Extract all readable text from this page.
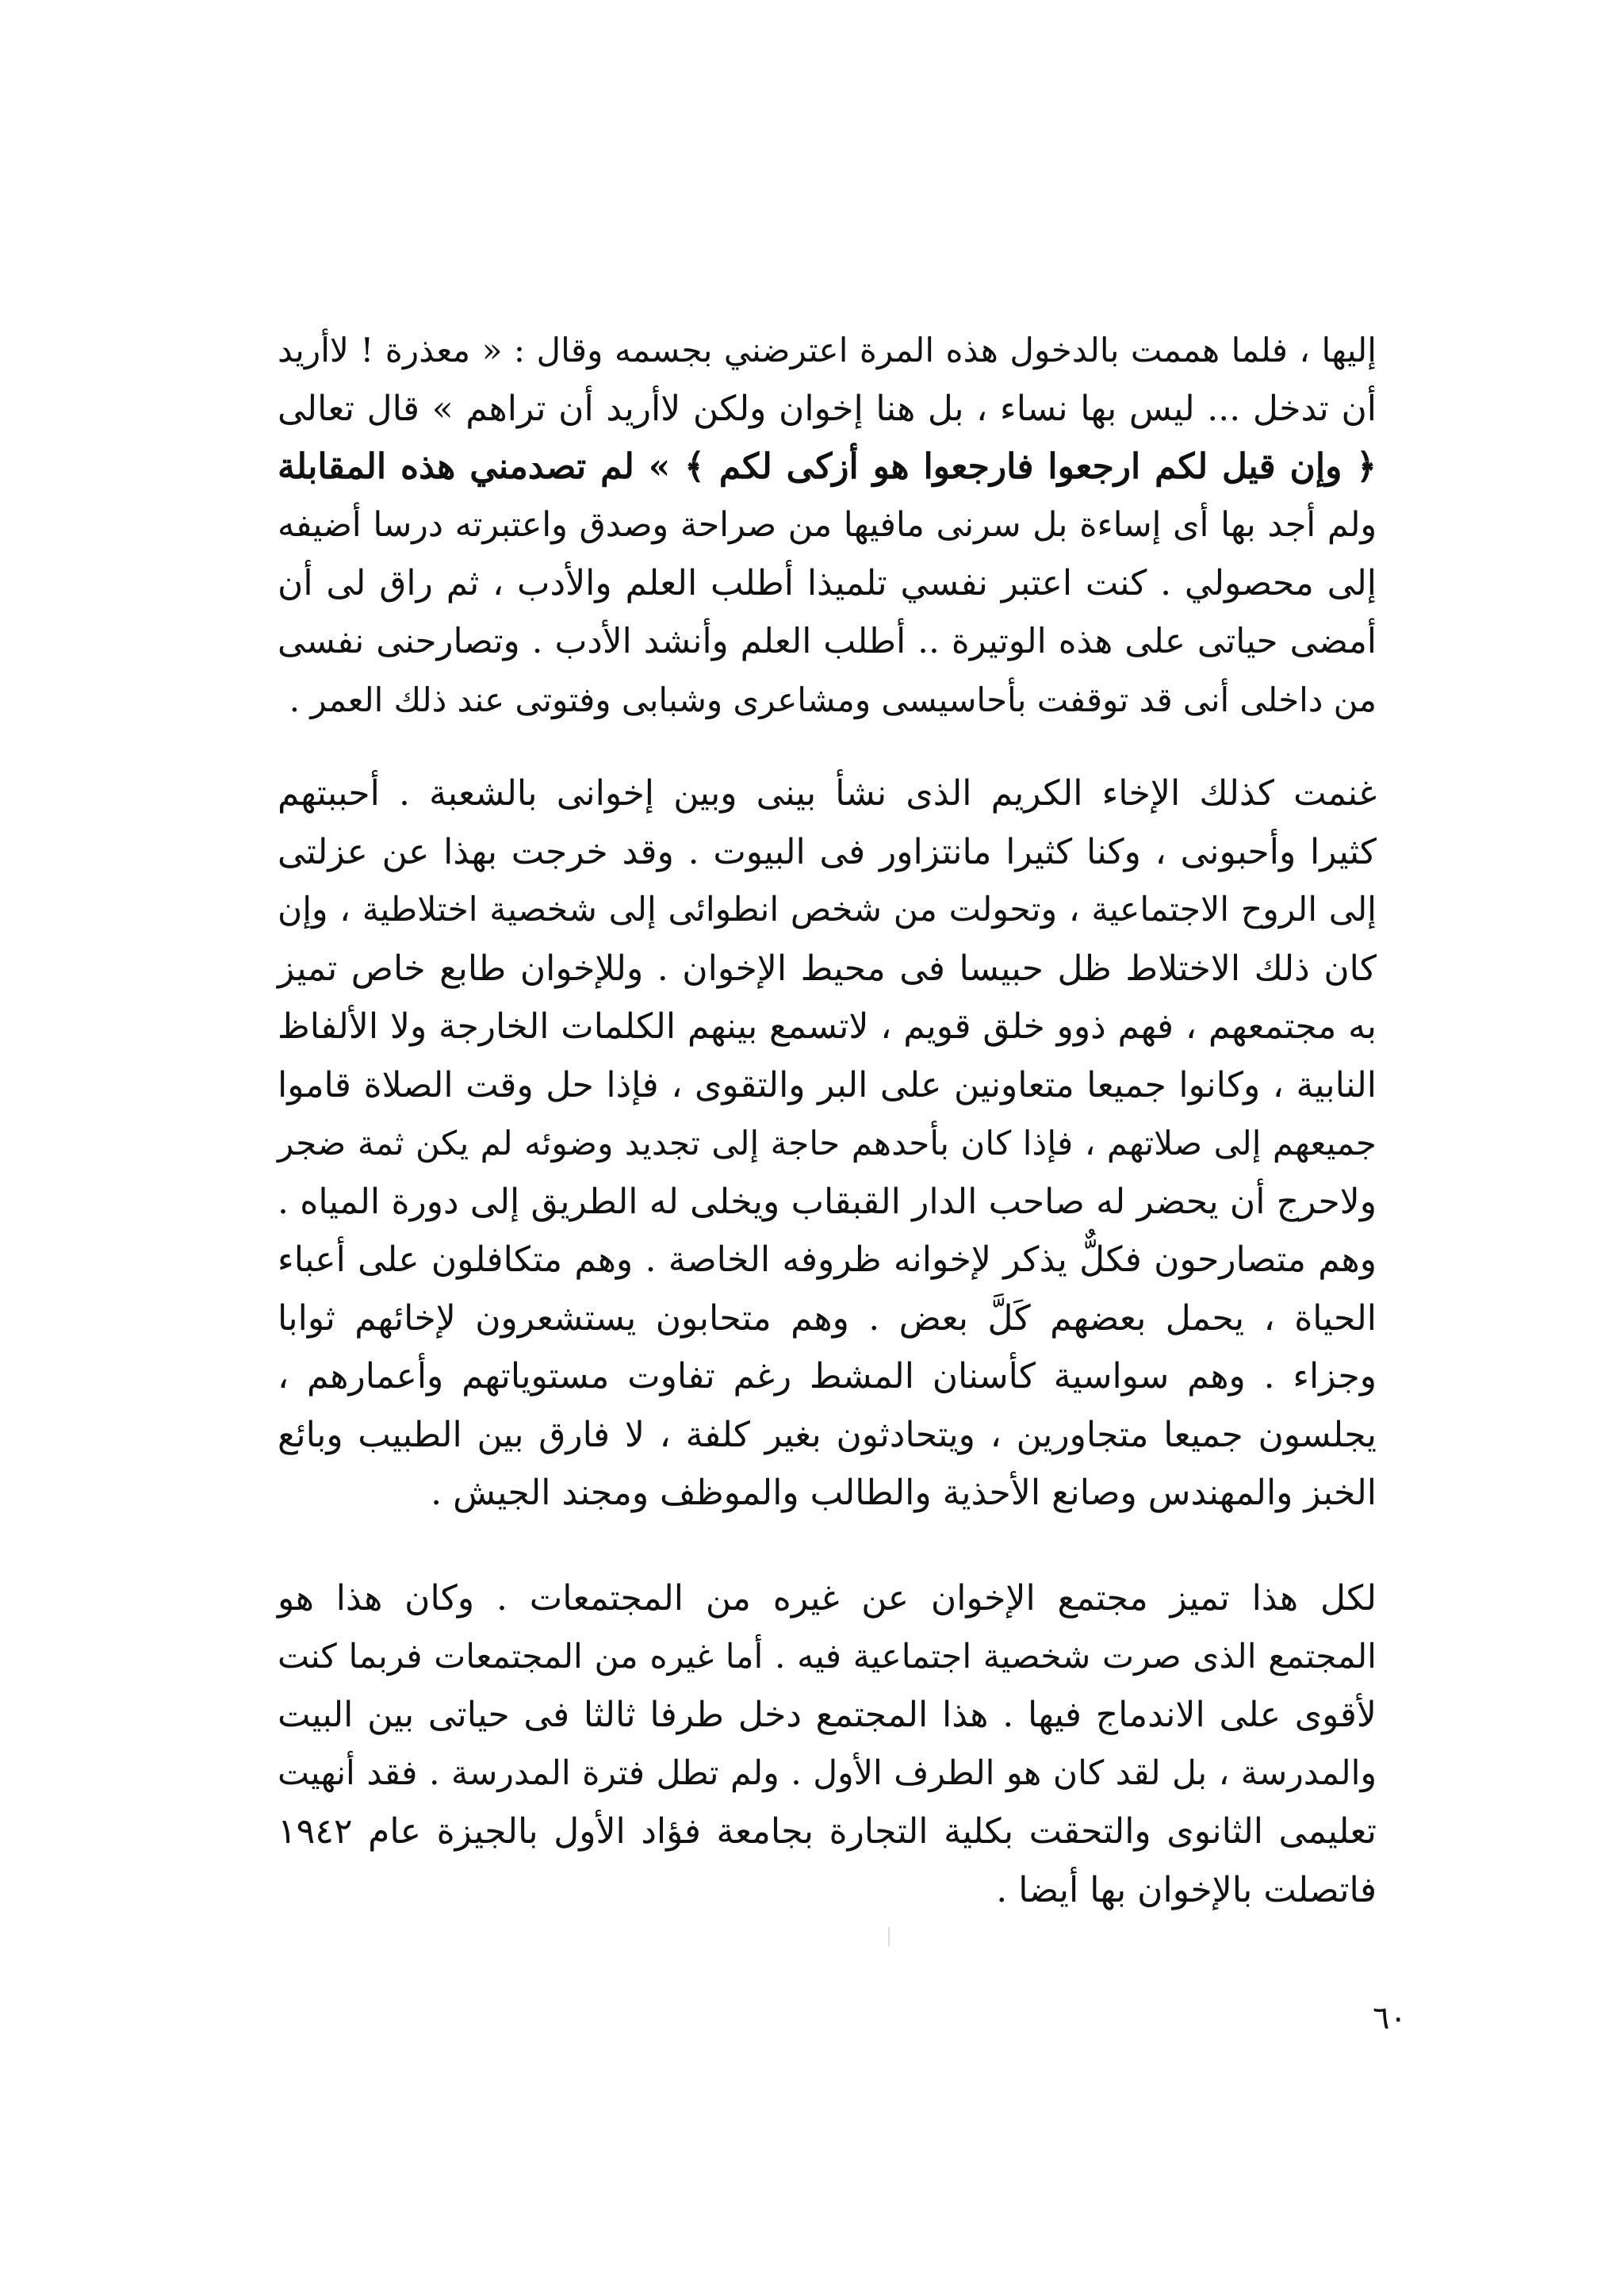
إليها ، فلما هممت بالدخول هذه المرة اعترضني بجسمه وقال : « معذرة ! لاأريد
أن تدخل ... ليس بها نساء ، بل هنا إخوان ولكن لاأريد أن تراهم » قال تعالى
﴿ وإن قيل لكم ارجعوا فارجعوا هو أزكى لكم ﴾ » لم تصدمني هذه المقابلة
ولم أجد بها أى إساءة بل سرنى مافيها من صراحة وصدق واعتبرته درسا أضيفه
إلى محصولي . كنت اعتبر نفسي تلميذا أطلب العلم والأدب ، ثم راق لى أن
أمضى حياتى على هذه الوتيرة .. أطلب العلم وأنشد الأدب . وتصارحنى نفسى
من داخلى أنى قد توقفت بأحاسيسى ومشاعرى وشبابى وفتوتى عند ذلك العمر .
غنمت كذلك الإخاء الكريم الذى نشأ بينى وبين إخوانى بالشعبة . أحببتهم
كثيرا وأحبونى ، وكنا كثيرا مانتزاور فى البيوت . وقد خرجت بهذا عن عزلتى
إلى الروح الاجتماعية ، وتحولت من شخص انطوائى إلى شخصية اختلاطية ، وإن
كان ذلك الاختلاط ظل حبيسا فى محيط الإخوان . وللإخوان طابع خاص تميز
به مجتمعهم ، فهم ذوو خلق قويم ، لاتسمع بينهم الكلمات الخارجة ولا الألفاظ
النابية ، وكانوا جميعا متعاونين على البر والتقوى ، فإذا حل وقت الصلاة قاموا
جميعهم إلى صلاتهم ، فإذا كان بأحدهم حاجة إلى تجديد وضوئه لم يكن ثمة ضجر
ولاحرج أن يحضر له صاحب الدار القبقاب ويخلى له الطريق إلى دورة المياه .
وهم متصارحون فكلٌّ يذكر لإخوانه ظروفه الخاصة . وهم متكافلون على أعباء
الحياة ، يحمل بعضهم كَلَّ بعض . وهم متحابون يستشعرون لإخائهم ثوابا
وجزاء . وهم سواسية كأسنان المشط رغم تفاوت مستوياتهم وأعمارهم ،
يجلسون جميعا متجاورين ، ويتحادثون بغير كلفة ، لا فارق بين الطبيب وبائع
الخبز والمهندس وصانع الأحذية والطالب والموظف ومجند الجيش .
لكل هذا تميز مجتمع الإخوان عن غيره من المجتمعات . وكان هذا هو
المجتمع الذى صرت شخصية اجتماعية فيه . أما غيره من المجتمعات فربما كنت
لأقوى على الاندماج فيها . هذا المجتمع دخل طرفا ثالثا فى حياتى بين البيت
والمدرسة ، بل لقد كان هو الطرف الأول . ولم تطل فترة المدرسة . فقد أنهيت
تعليمى الثانوى والتحقت بكلية التجارة بجامعة فؤاد الأول بالجيزة عام ١٩٤٢
فاتصلت بالإخوان بها أيضا .
٦٠
